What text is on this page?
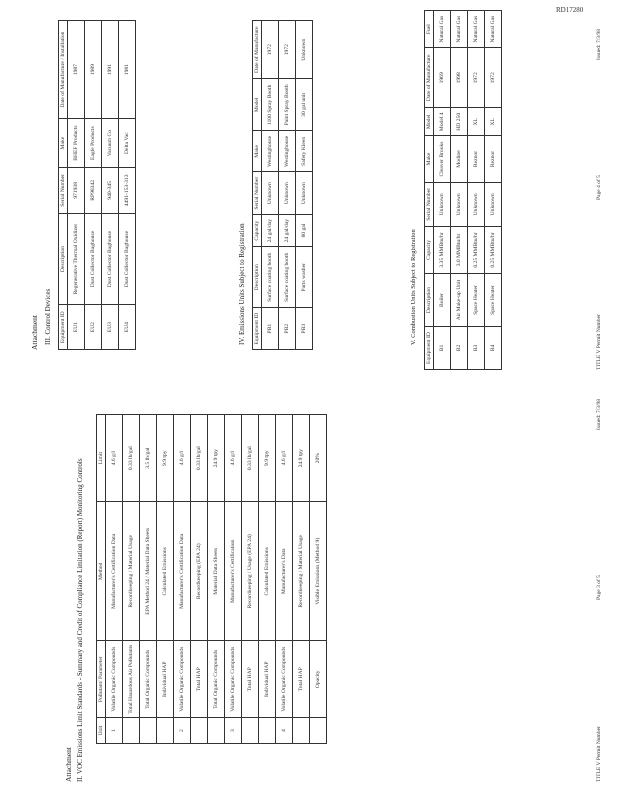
Attachment II. VOC Emissions Limit Standards - Summary and Credit of Compliance Limitation (Report) Monitoring Controls	Unit	Pollutant/ Parameter	Method	Limit
1	Volatile Organic Compounds	Manufacturer's Certification Data	4.6 g/l
	Total Hazardous Air Pollutants	Recordkeeping / Material Usage	0.33 lb/gal
	Total Organic Compounds	EPA Method 24 / Material Data Sheets	3.5 lb/gal
	Individual HAP	Calculated Emissions	9.9 tpy
2	Volatile Organic Compounds	Manufacturer's Certification Data	4.6 g/l
	Total HAP	Recordkeeping (EPA 24)	0.33 lb/gal
	Total Organic Compounds	Material Data Sheets	24.9 tpy
3	Volatile Organic Compounds	Manufacturer's Certification	4.6 g/l
	Total HAP	Recordkeeping / Usage (EPA 24)	0.33 lb/gal
	Individual HAP	Calculated Emissions	9.9 tpy
4	Volatile Organic Compounds	Manufacturer's Data	4.6 g/l
	Total HAP	Recordkeeping / Material Usage	24.9 tpy
	Opacity	Visible Emissions (Method 9)	20%
TITLE V Permit Number
Page 3 of 5
Issued: 7/3/98
Attachment III. Control Devices Equipment ID	Description	Serial Number	Make	Date of Manufacture / Installation
EU1	Regenerative Thermal Oxidizer	971938	BHEF Products	1987
EU2	Dust Collector Baghouse	RP98342	Eagle Products	1989
EU3	Dust Collector Baghouse	940-345	Vacuum Co	1991
EU4	Dust Collector Baghouse	4491-153-313	Delta Vac	1981
IV. Emissions Units Subject to Registration Equipment ID	Description	Capacity	Serial Number	Make	Model	Date of Manufacture
PB1	Surface coating booth	24 gal/day	Unknown	Westinghouse	1100 Spray Booth	1972
PB2	Surface coating booth	24 gal/day	Unknown	Westinghouse	Paint Spray Booth	1972
PB3	Parts washer	80 gal	Unknown	Safety Kleen	30 gal unit	Unknown
V. Combustion Units Subject to Registration
Equipment ID	Description	Capacity	Serial Number	Make	Model	Date of Manufacture	Fuel
B1	Boiler	3.35 MMBtu/hr	Unknown	Cleaver Brooks	Model 4	1969	Natural Gas
B2	Air Make-up Unit	3.0 MMBtu/hr	Unknown	Modine	HD 250	1998	Natural Gas
B3	Space Heater	0.25 MMBtu/hr	Unknown	Reznor	XL	1972	Natural Gas
B4	Space Heater	0.25 MMBtu/hr	Unknown	Reznor	XL	1972	Natural Gas
TITLE V Permit Number
Page 4 of 5
Issued: 7/3/98
RD17280
